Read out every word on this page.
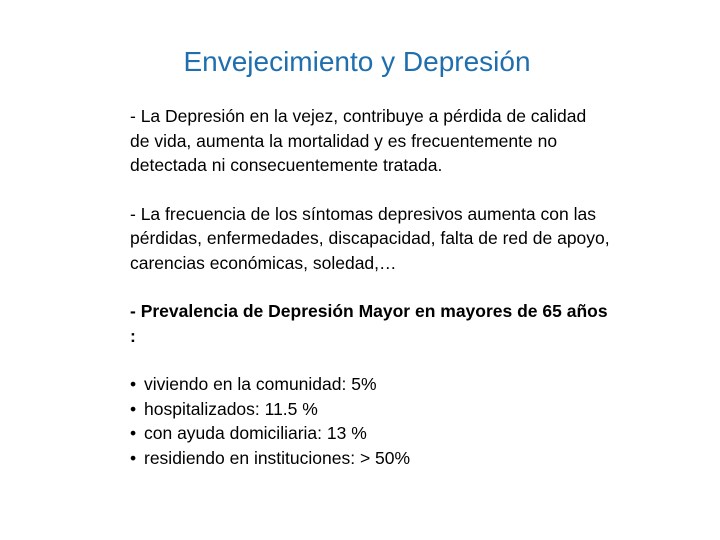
Envejecimiento y Depresión

- La Depresión en la vejez, contribuye a pérdida de calidad de vida, aumenta la mortalidad y es frecuentemente no detectada ni consecuentemente tratada.

- La frecuencia de los síntomas depresivos aumenta con las pérdidas, enfermedades, discapacidad, falta de red de apoyo, carencias económicas, soledad,…

- Prevalencia de Depresión Mayor en mayores de 65 años :

• viviendo en la comunidad: 5%
• hospitalizados: 11.5 %
• con ayuda domiciliaria: 13 %
• residiendo en instituciones: > 50%
